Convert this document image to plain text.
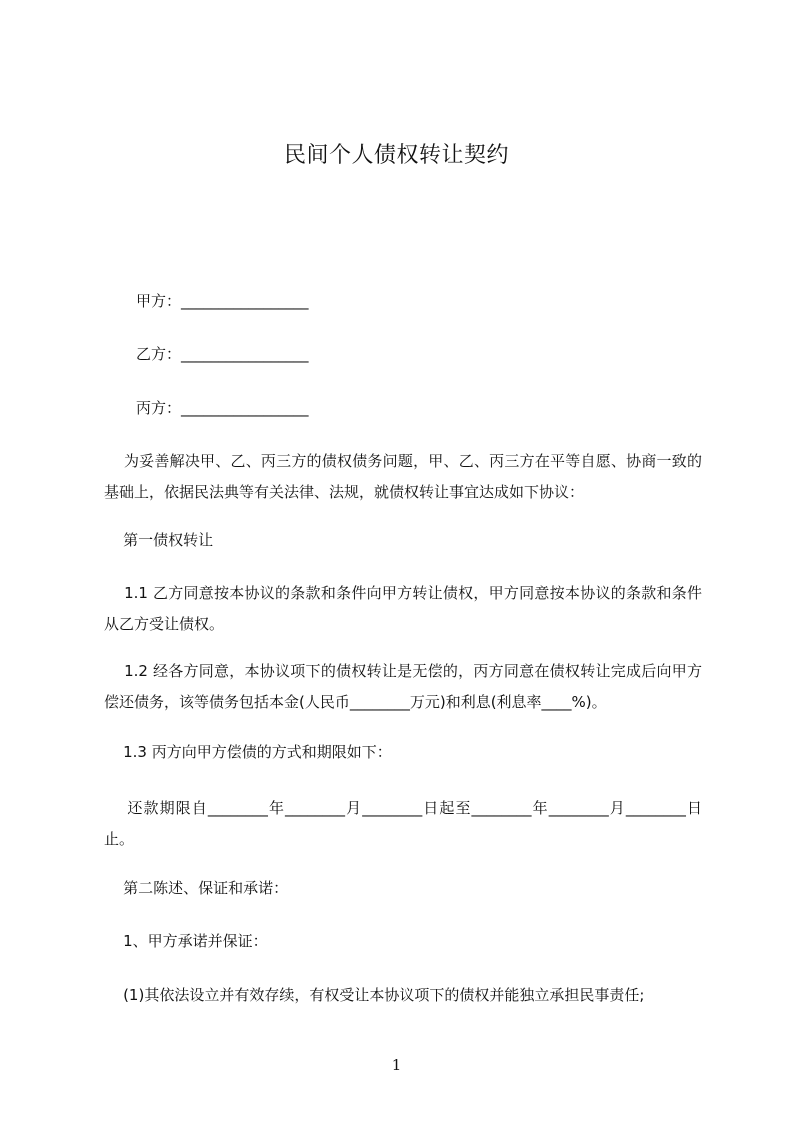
民间个人债权转让契约
甲方：_________________
乙方：_________________
丙方：_________________

为妥善解决甲、乙、丙三方的债权债务问题，甲、乙、丙三方在平等自愿、协商一致的基础上，依据民法典等有关法律、法规，就债权转让事宜达成如下协议：

第一债权转让

1.1 乙方同意按本协议的条款和条件向甲方转让债权，甲方同意按本协议的条款和条件从乙方受让债权。

1.2 经各方同意，本协议项下的债权转让是无偿的，丙方同意在债权转让完成后向甲方偿还债务，该等债务包括本金(人民币________万元)和利息(利息率____%)。

1.3 丙方向甲方偿债的方式和期限如下：

还款期限自________年________月________日起至________年________月________日止。

第二陈述、保证和承诺：

1、甲方承诺并保证：

(1)其依法设立并有效存续，有权受让本协议项下的债权并能独立承担民事责任;

1
